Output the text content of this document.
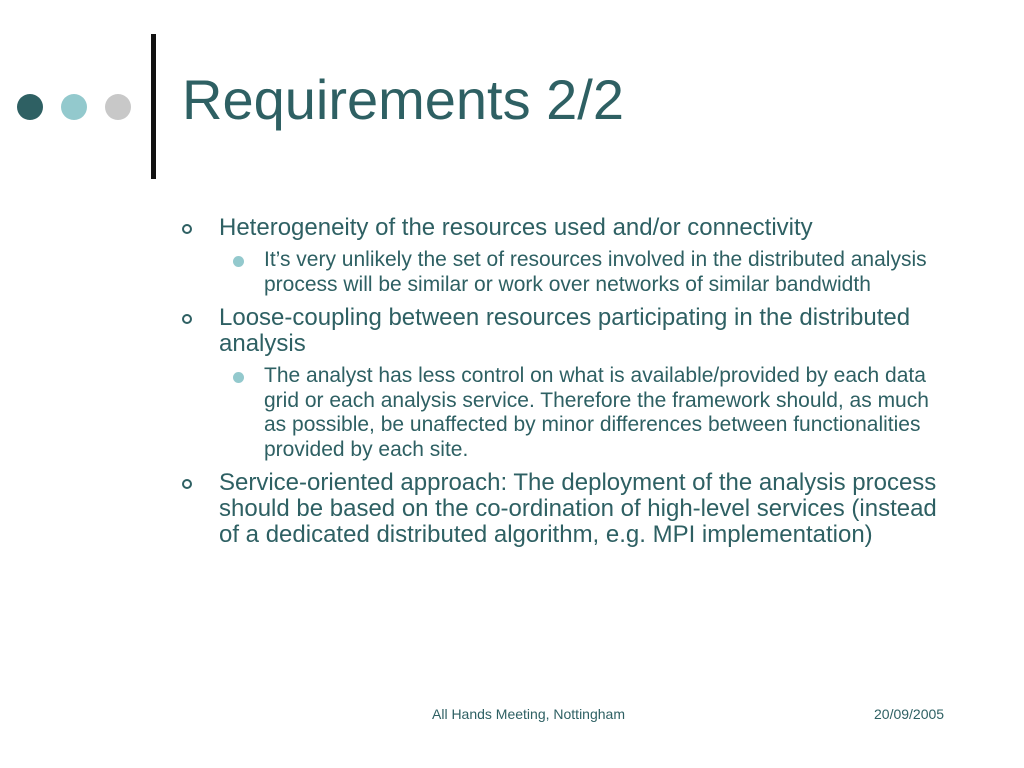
Requirements 2/2
Heterogeneity of the resources used and/or connectivity
It’s very unlikely the set of resources involved in the distributed analysis process will be similar or work over networks of similar bandwidth
Loose-coupling between resources participating in the distributed analysis
The analyst has less control on what is available/provided by each data grid or each analysis service. Therefore the framework should, as much as possible, be unaffected by minor differences between functionalities provided by each site.
Service-oriented approach: The deployment of the analysis process should be based on the co-ordination of high-level services (instead of a dedicated distributed algorithm, e.g. MPI implementation)
All Hands Meeting, Nottingham	20/09/2005
